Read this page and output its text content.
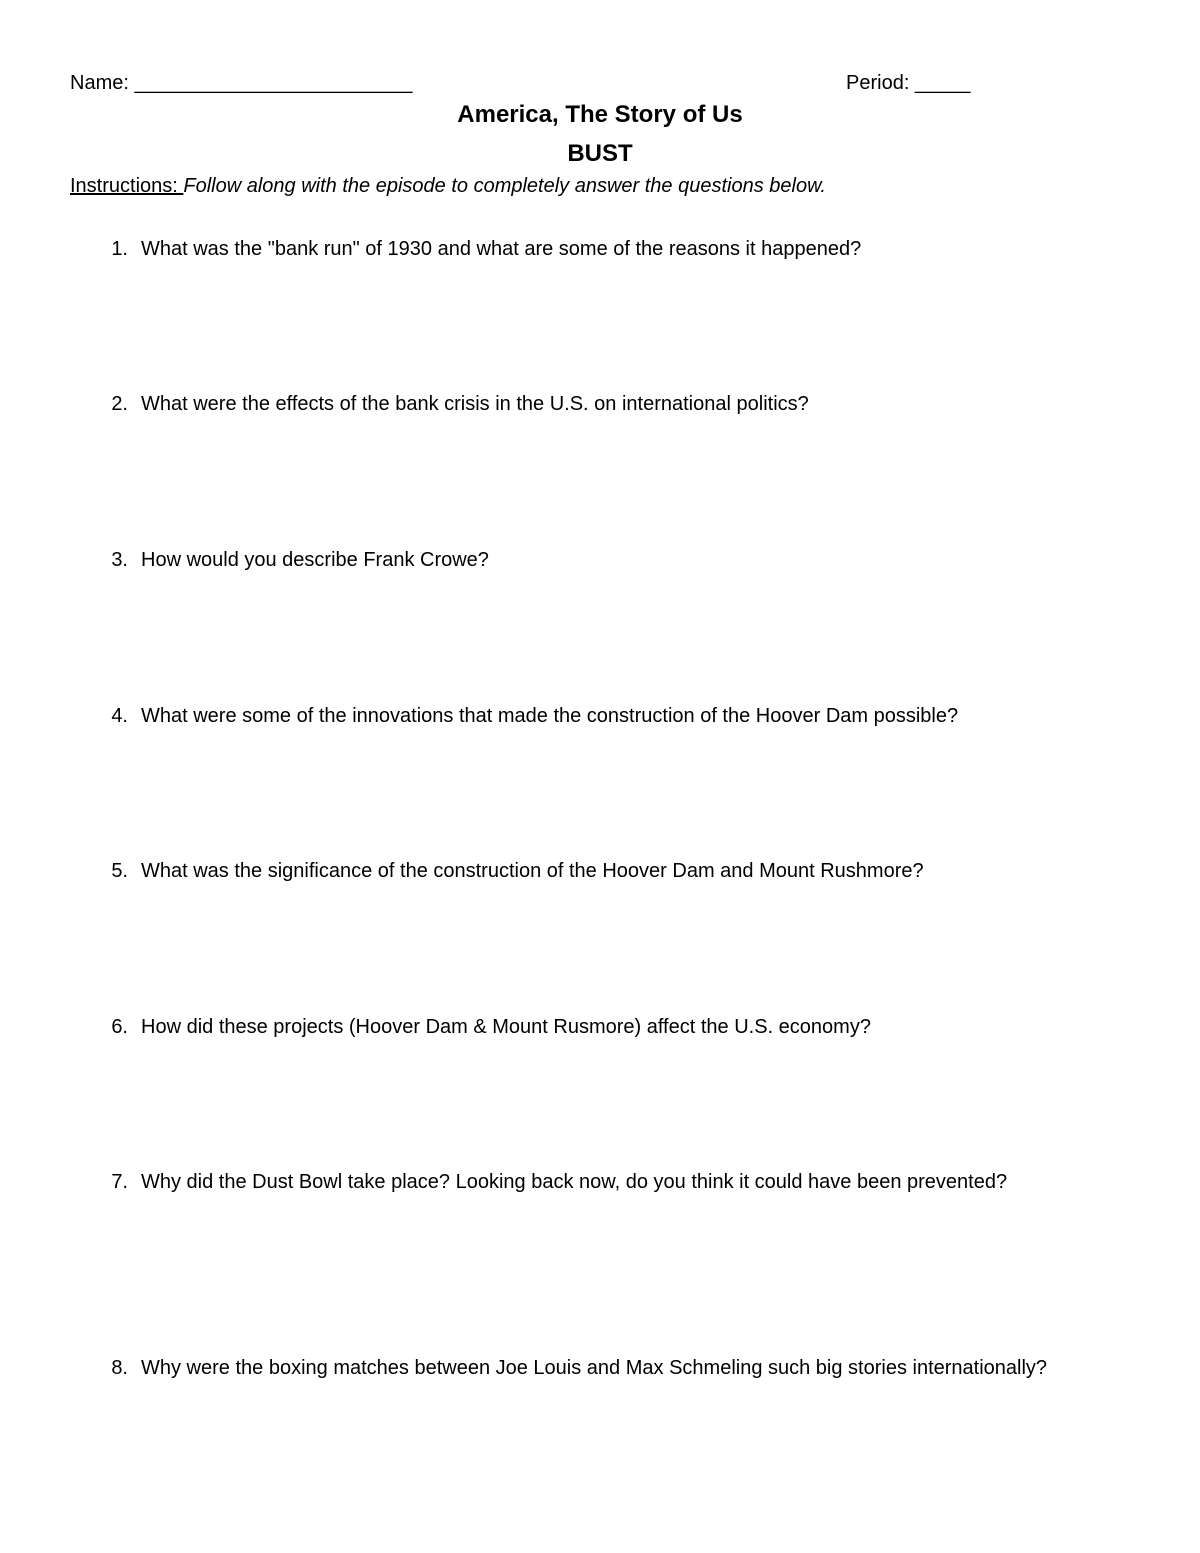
Name: _________________________	Period: _____
America, The Story of Us
BUST
Instructions: Follow along with the episode to completely answer the questions below.
1. What was the "bank run" of 1930 and what are some of the reasons it happened?
2. What were the effects of the bank crisis in the U.S. on international politics?
3. How would you describe Frank Crowe?
4. What were some of the innovations that made the construction of the Hoover Dam possible?
5. What was the significance of the construction of the Hoover Dam and Mount Rushmore?
6. How did these projects (Hoover Dam & Mount Rusmore) affect the U.S. economy?
7. Why did the Dust Bowl take place? Looking back now, do you think it could have been prevented?
8. Why were the boxing matches between Joe Louis and Max Schmeling such big stories internationally?
